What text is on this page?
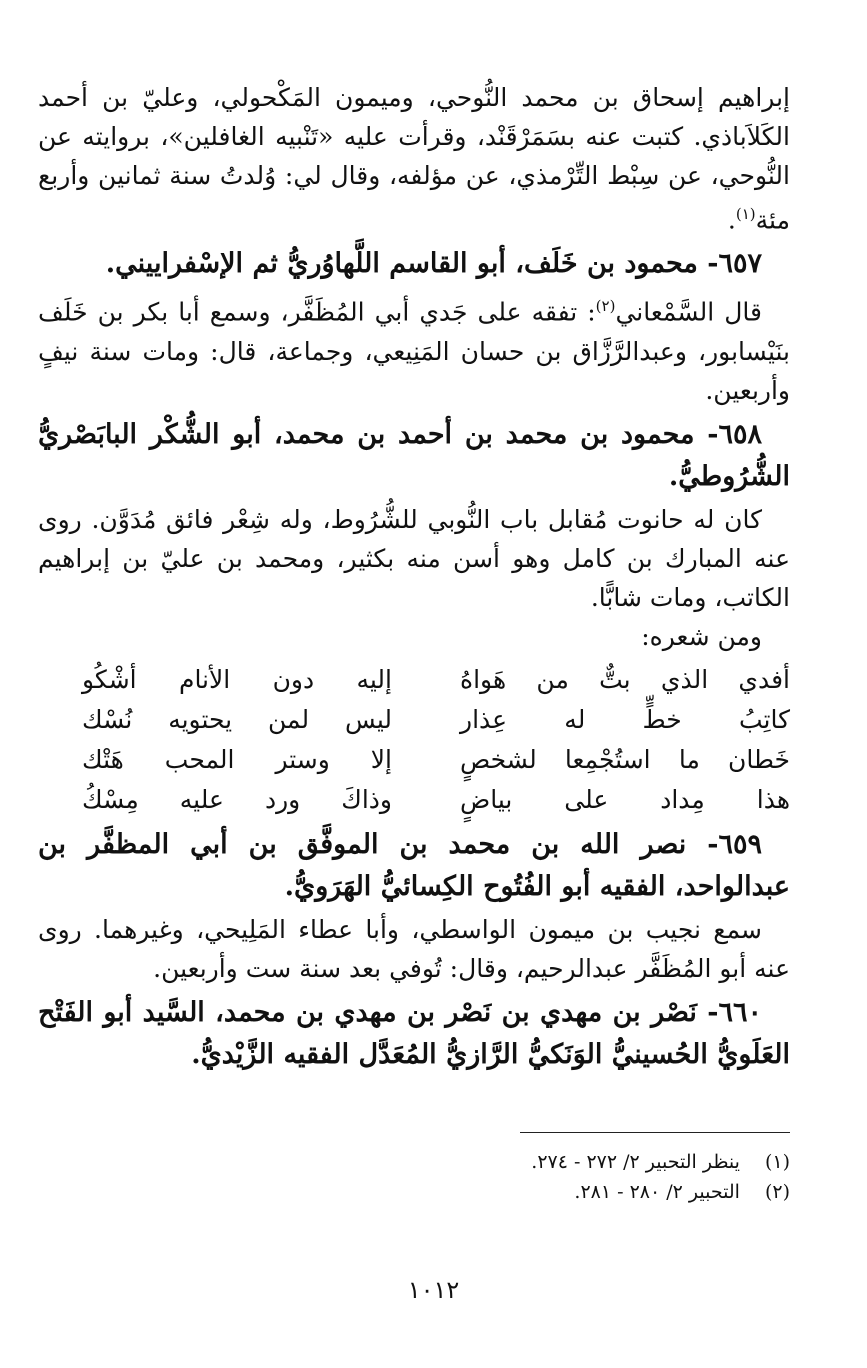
إبراهيم إسحاق بن محمد النُّوحي، وميمون المَكْحولي، وعليّ بن أحمد الكَلاَباذي. كتبت عنه بسَمَرْقَنْد، وقرأت عليه «تَنْبيه الغافلين»، بروايته عن النُّوحي، عن سِبْط التِّرْمذي، عن مؤلفه، وقال لي: وُلدتُ سنة ثمانين وأربع مئة$^{(١)}$.

٦٥٧- محمود بن خَلَف، أبو القاسم اللَّهاوُريُّ ثم الإسْفراييني.

قال السَّمْعاني$^{(٢)}$: تفقه على جَدي أبي المُظَفَّر، وسمع أبا بكر بن خَلَف بنَيْسابور، وعبدالرَّزَّاق بن حسان المَنِيعي، وجماعة، قال: ومات سنة نيفٍ وأربعين.

٦٥٨- محمود بن محمد بن أحمد بن محمد، أبو الشُّكْر البابَصْريُّ الشُّرُوطيُّ.

كان له حانوت مُقابل باب النُّوبي للشُّرُوط، وله شِعْر فائق مُدَوَّن. روى عنه المبارك بن كامل وهو أسن منه بكثير، ومحمد بن عليّ بن إبراهيم الكاتب، ومات شابًّا.

ومن شعره:

أفدي الذي بتٌّ من هَواهُ
إليه دون الأنام أشْكُو
كاتِبُ خطٍّ له عِذار
ليس لمن يحتويه نُسْك
خَطان ما استُجْمِعا لشخصٍ
إلا وستر المحب هَتْك
هذا مِداد على بياضٍ
وذاكَ ورد عليه مِسْكُ

٦٥٩- نصر الله بن محمد بن الموفَّق بن أبي المظفَّر بن عبدالواحد، الفقيه أبو الفُتُوح الكِسائيُّ الهَرَويُّ.

سمع نجيب بن ميمون الواسطي، وأبا عطاء المَلِيحي، وغيرهما. روى عنه أبو المُظَفَّر عبدالرحيم، وقال: تُوفي بعد سنة ست وأربعين.

٦٦٠- نَصْر بن مهدي بن نَصْر بن مهدي بن محمد، السَّيد أبو الفَتْح العَلَويُّ الحُسينيُّ الوَنَكيُّ الرَّازيُّ المُعَدَّل الفقيه الزَّيْديُّ.

(١) ينظر التحبير ٢/ ٢٧٢ - ٢٧٤.

(٢) التحبير ٢/ ٢٨٠ - ٢٨١.

١٠١٢
